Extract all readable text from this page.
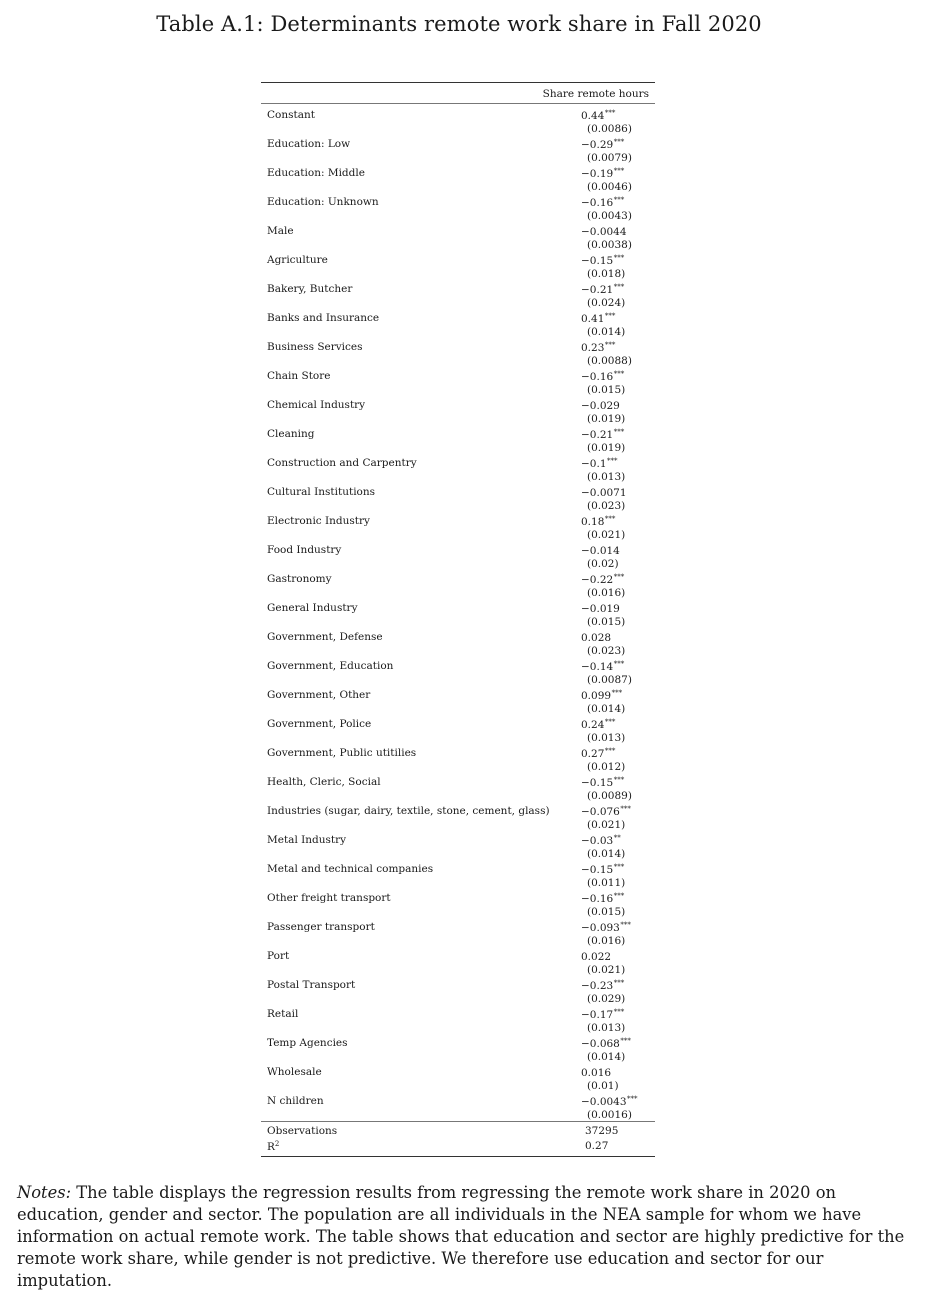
Table A.1: Determinants remote work share in Fall 2020
Share remote hours
Constant	0.44***
(0.0086)
Education: Low	−0.29***
(0.0079)
Education: Middle	−0.19***
(0.0046)
Education: Unknown	−0.16***
(0.0043)
Male	−0.0044
(0.0038)
Agriculture	−0.15***
(0.018)
Bakery, Butcher	−0.21***
(0.024)
Banks and Insurance	0.41***
(0.014)
Business Services	0.23***
(0.0088)
Chain Store	−0.16***
(0.015)
Chemical Industry	−0.029
(0.019)
Cleaning	−0.21***
(0.019)
Construction and Carpentry	−0.1***
(0.013)
Cultural Institutions	−0.0071
(0.023)
Electronic Industry	0.18***
(0.021)
Food Industry	−0.014
(0.02)
Gastronomy	−0.22***
(0.016)
General Industry	−0.019
(0.015)
Government, Defense	0.028
(0.023)
Government, Education	−0.14***
(0.0087)
Government, Other	0.099***
(0.014)
Government, Police	0.24***
(0.013)
Government, Public utitilies	0.27***
(0.012)
Health, Cleric, Social	−0.15***
(0.0089)
Industries (sugar, dairy, textile, stone, cement, glass)	−0.076***
(0.021)
Metal Industry	−0.03**
(0.014)
Metal and technical companies	−0.15***
(0.011)
Other freight transport	−0.16***
(0.015)
Passenger transport	−0.093***
(0.016)
Port	0.022
(0.021)
Postal Transport	−0.23***
(0.029)
Retail	−0.17***
(0.013)
Temp Agencies	−0.068***
(0.014)
Wholesale	0.016
(0.01)
N children	−0.0043***
(0.0016)
Observations	37295
$R^2$	0.27
Notes: The table displays the regression results from regressing the remote work share in 2020 on education, gender and sector. The population are all individuals in the NEA sample for whom we have information on actual remote work. The table shows that education and sector are highly predictive for the remote work share, while gender is not predictive. We therefore use education and sector for our imputation.
